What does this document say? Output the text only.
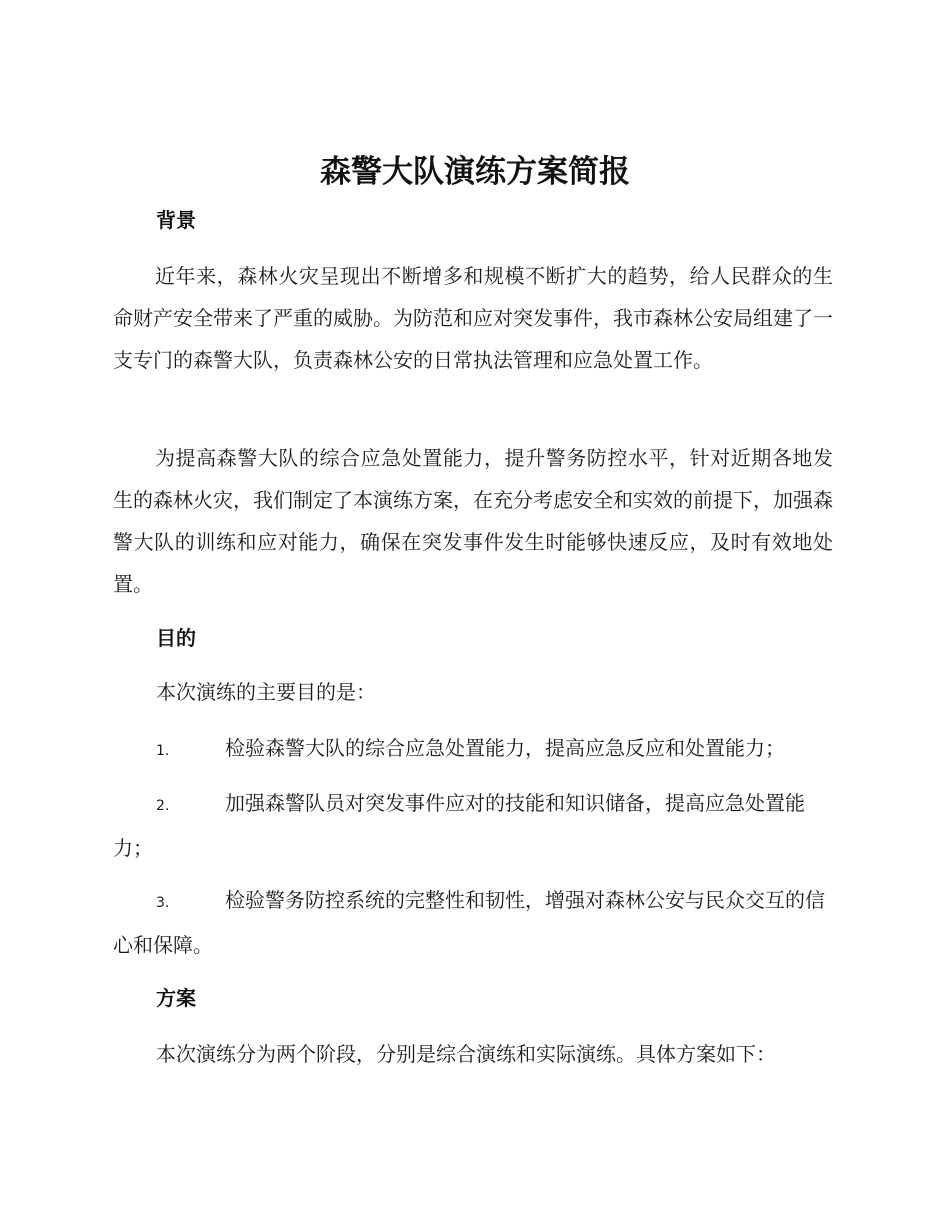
森警大队演练方案简报
背景

近年来，森林火灾呈现出不断增多和规模不断扩大的趋势，给人民群众的生命财产安全带来了严重的威胁。为防范和应对突发事件，我市森林公安局组建了一支专门的森警大队，负责森林公安的日常执法管理和应急处置工作。

为提高森警大队的综合应急处置能力，提升警务防控水平，针对近期各地发生的森林火灾，我们制定了本演练方案，在充分考虑安全和实效的前提下，加强森警大队的训练和应对能力，确保在突发事件发生时能够快速反应，及时有效地处置。

目的

本次演练的主要目的是：

1.	检验森警大队的综合应急处置能力，提高应急反应和处置能力；

2.	加强森警队员对突发事件应对的技能和知识储备，提高应急处置能力；

3.	检验警务防控系统的完整性和韧性，增强对森林公安与民众交互的信心和保障。

方案

本次演练分为两个阶段，分别是综合演练和实际演练。具体方案如下：
